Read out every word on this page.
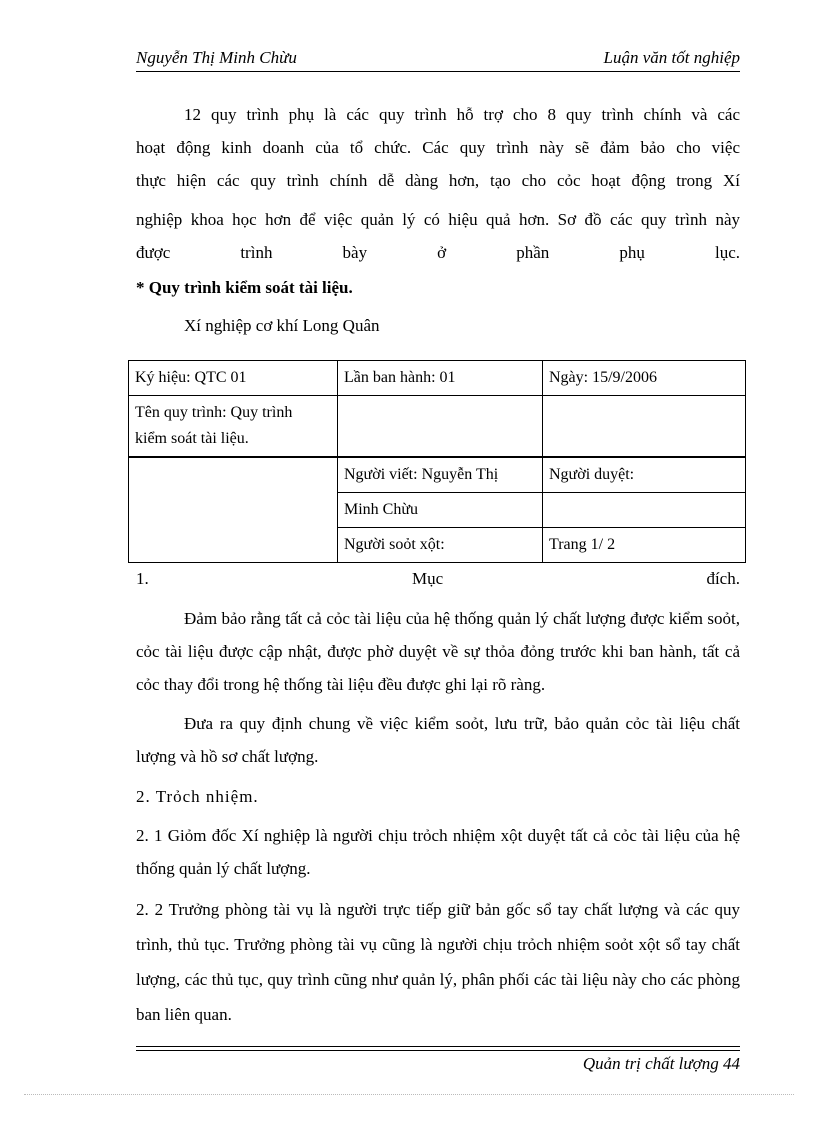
Nguyễn Thị Minh Chừu	Luận văn tốt nghiệp

12 quy trình phụ là các quy trình hỗ trợ cho 8 quy trình chính và các

hoạt động kinh doanh của tổ chức. Các quy trình này sẽ đảm bảo cho việc

thực hiện các quy trình chính dễ dàng hơn, tạo cho cỏc hoạt động trong Xí

nghiệp khoa học hơn để việc quản lý có hiệu quả hơn. Sơ đồ các quy trình này

được trình bày ở phần phụ lục.

* Quy trình kiểm soát tài liệu.
Xí nghiệp cơ khí Long Quân
Ký hiệu: QTC 01	Lần ban hành: 01	Ngày: 15/9/2006

Tên quy trình: Quy trình
kiểm soát tài liệu.		

	Người viết: Nguyễn Thị	Người duyệt:
	Minh Chừu	
	Người soỏt xột:	Trang 1/ 2
1.	Mục	đích.

Đảm bảo rằng tất cả cỏc tài liệu của hệ thống quản lý chất lượng được kiểm soỏt, cỏc tài liệu được cập nhật, được phờ duyệt về sự thỏa đỏng trước khi ban hành, tất cả cỏc thay đổi trong hệ thống tài liệu đều được ghi lại rõ ràng.

Đưa ra quy định chung về việc kiểm soỏt, lưu trữ, bảo quản cỏc tài liệu chất lượng và hồ sơ chất lượng.

2. Trỏch nhiệm.

2. 1 Giỏm đốc Xí nghiệp là người chịu trỏch nhiệm xột duyệt tất cả cỏc tài liệu của hệ thống quản lý chất lượng.

2. 2 Trưởng phòng tài vụ là người trực tiếp giữ bản gốc sổ tay chất lượng và các quy trình, thủ tục. Trưởng phòng tài vụ cũng là người chịu trỏch nhiệm soỏt xột sổ tay chất lượng, các thủ tục, quy trình cũng như quản lý, phân phối các tài liệu này cho các phòng ban liên quan.

Quản trị chất lượng 44
